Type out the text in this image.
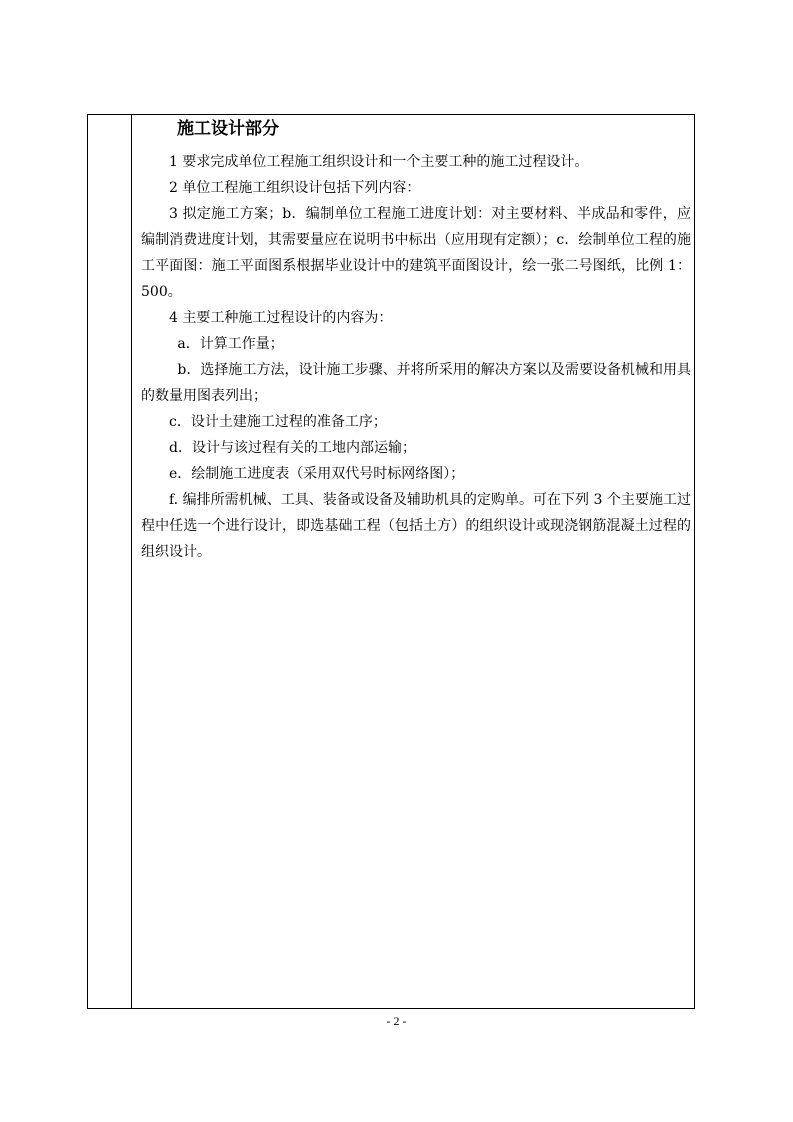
施工设计部分

1 要求完成单位工程施工组织设计和一个主要工种的施工过程设计。

2 单位工程施工组织设计包括下列内容：

3 拟定施工方案；b．编制单位工程施工进度计划：对主要材料、半成品和零件，应编制消费进度计划，其需要量应在说明书中标出（应用现有定额）；c．绘制单位工程的施工平面图：施工平面图系根据毕业设计中的建筑平面图设计，绘一张二号图纸，比例 1：500。

4 主要工种施工过程设计的内容为：

a．计算工作量；

b．选择施工方法，设计施工步骤、并将所采用的解决方案以及需要设备机械和用具的数量用图表列出；

c．设计土建施工过程的准备工序；

d．设计与该过程有关的工地内部运输；

e．绘制施工进度表（采用双代号时标网络图）；

f. 编排所需机械、工具、装备或设备及辅助机具的定购单。可在下列 3 个主要施工过程中任选一个进行设计，即选基础工程（包括土方）的组织设计或现浇钢筋混凝土过程的组织设计。

- 2 -
